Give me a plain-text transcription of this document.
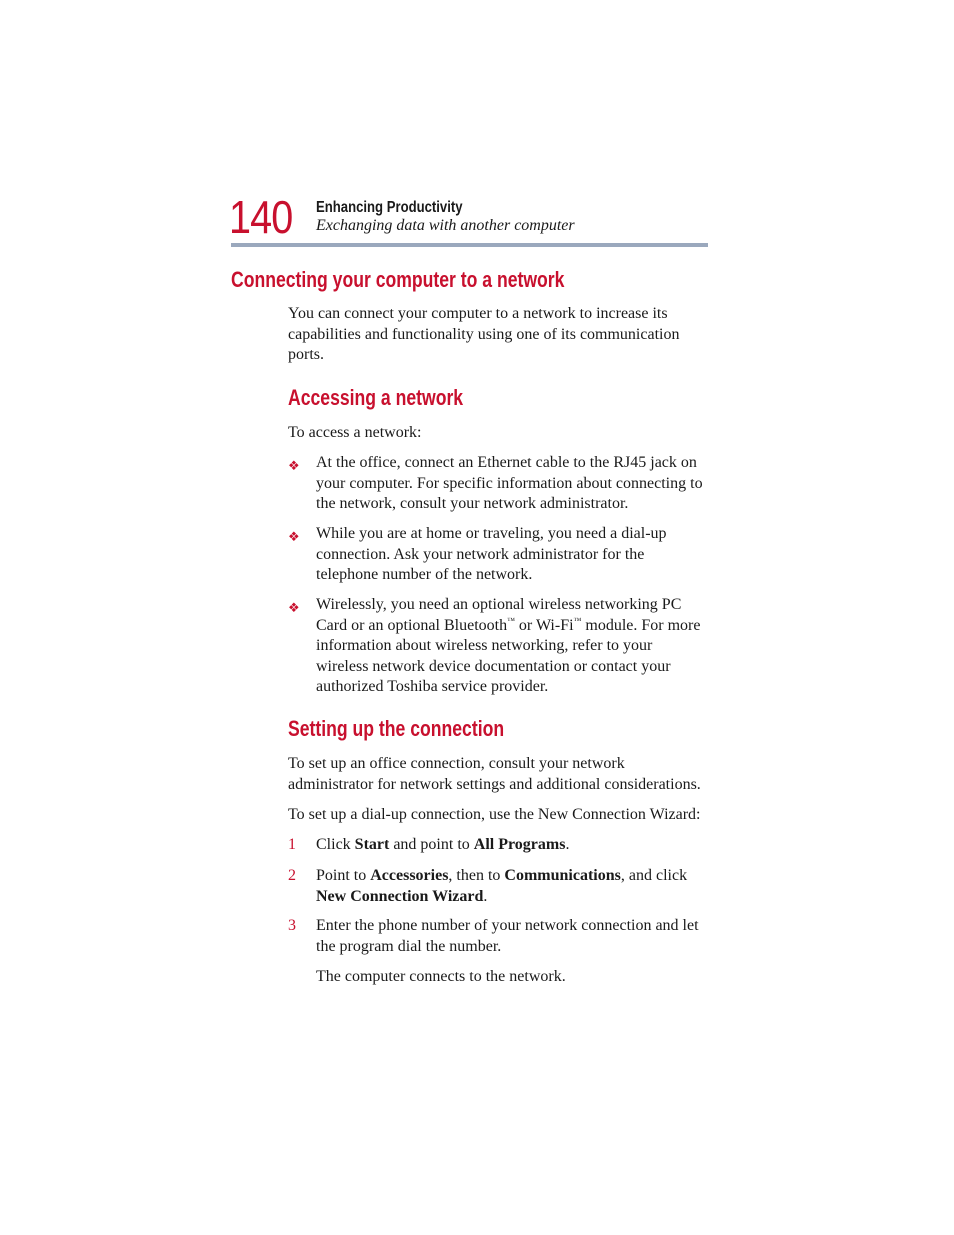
140 Enhancing Productivity
Exchanging data with another computer
Connecting your computer to a network

You can connect your computer to a network to increase its capabilities and functionality using one of its communication ports.

Accessing a network

To access a network:

❖ At the office, connect an Ethernet cable to the RJ45 jack on your computer. For specific information about connecting to the network, consult your network administrator.
❖ While you are at home or traveling, you need a dial-up connection. Ask your network administrator for the telephone number of the network.
❖ Wirelessly, you need an optional wireless networking PC Card or an optional Bluetooth™ or Wi-Fi™ module. For more information about wireless networking, refer to your wireless network device documentation or contact your authorized Toshiba service provider.
Setting up the connection

To set up an office connection, consult your network administrator for network settings and additional considerations.

To set up a dial-up connection, use the New Connection Wizard:

1 Click Start and point to All Programs.
2 Point to Accessories, then to Communications, and click New Connection Wizard.
3 Enter the phone number of your network connection and let the program dial the number.
The computer connects to the network.
